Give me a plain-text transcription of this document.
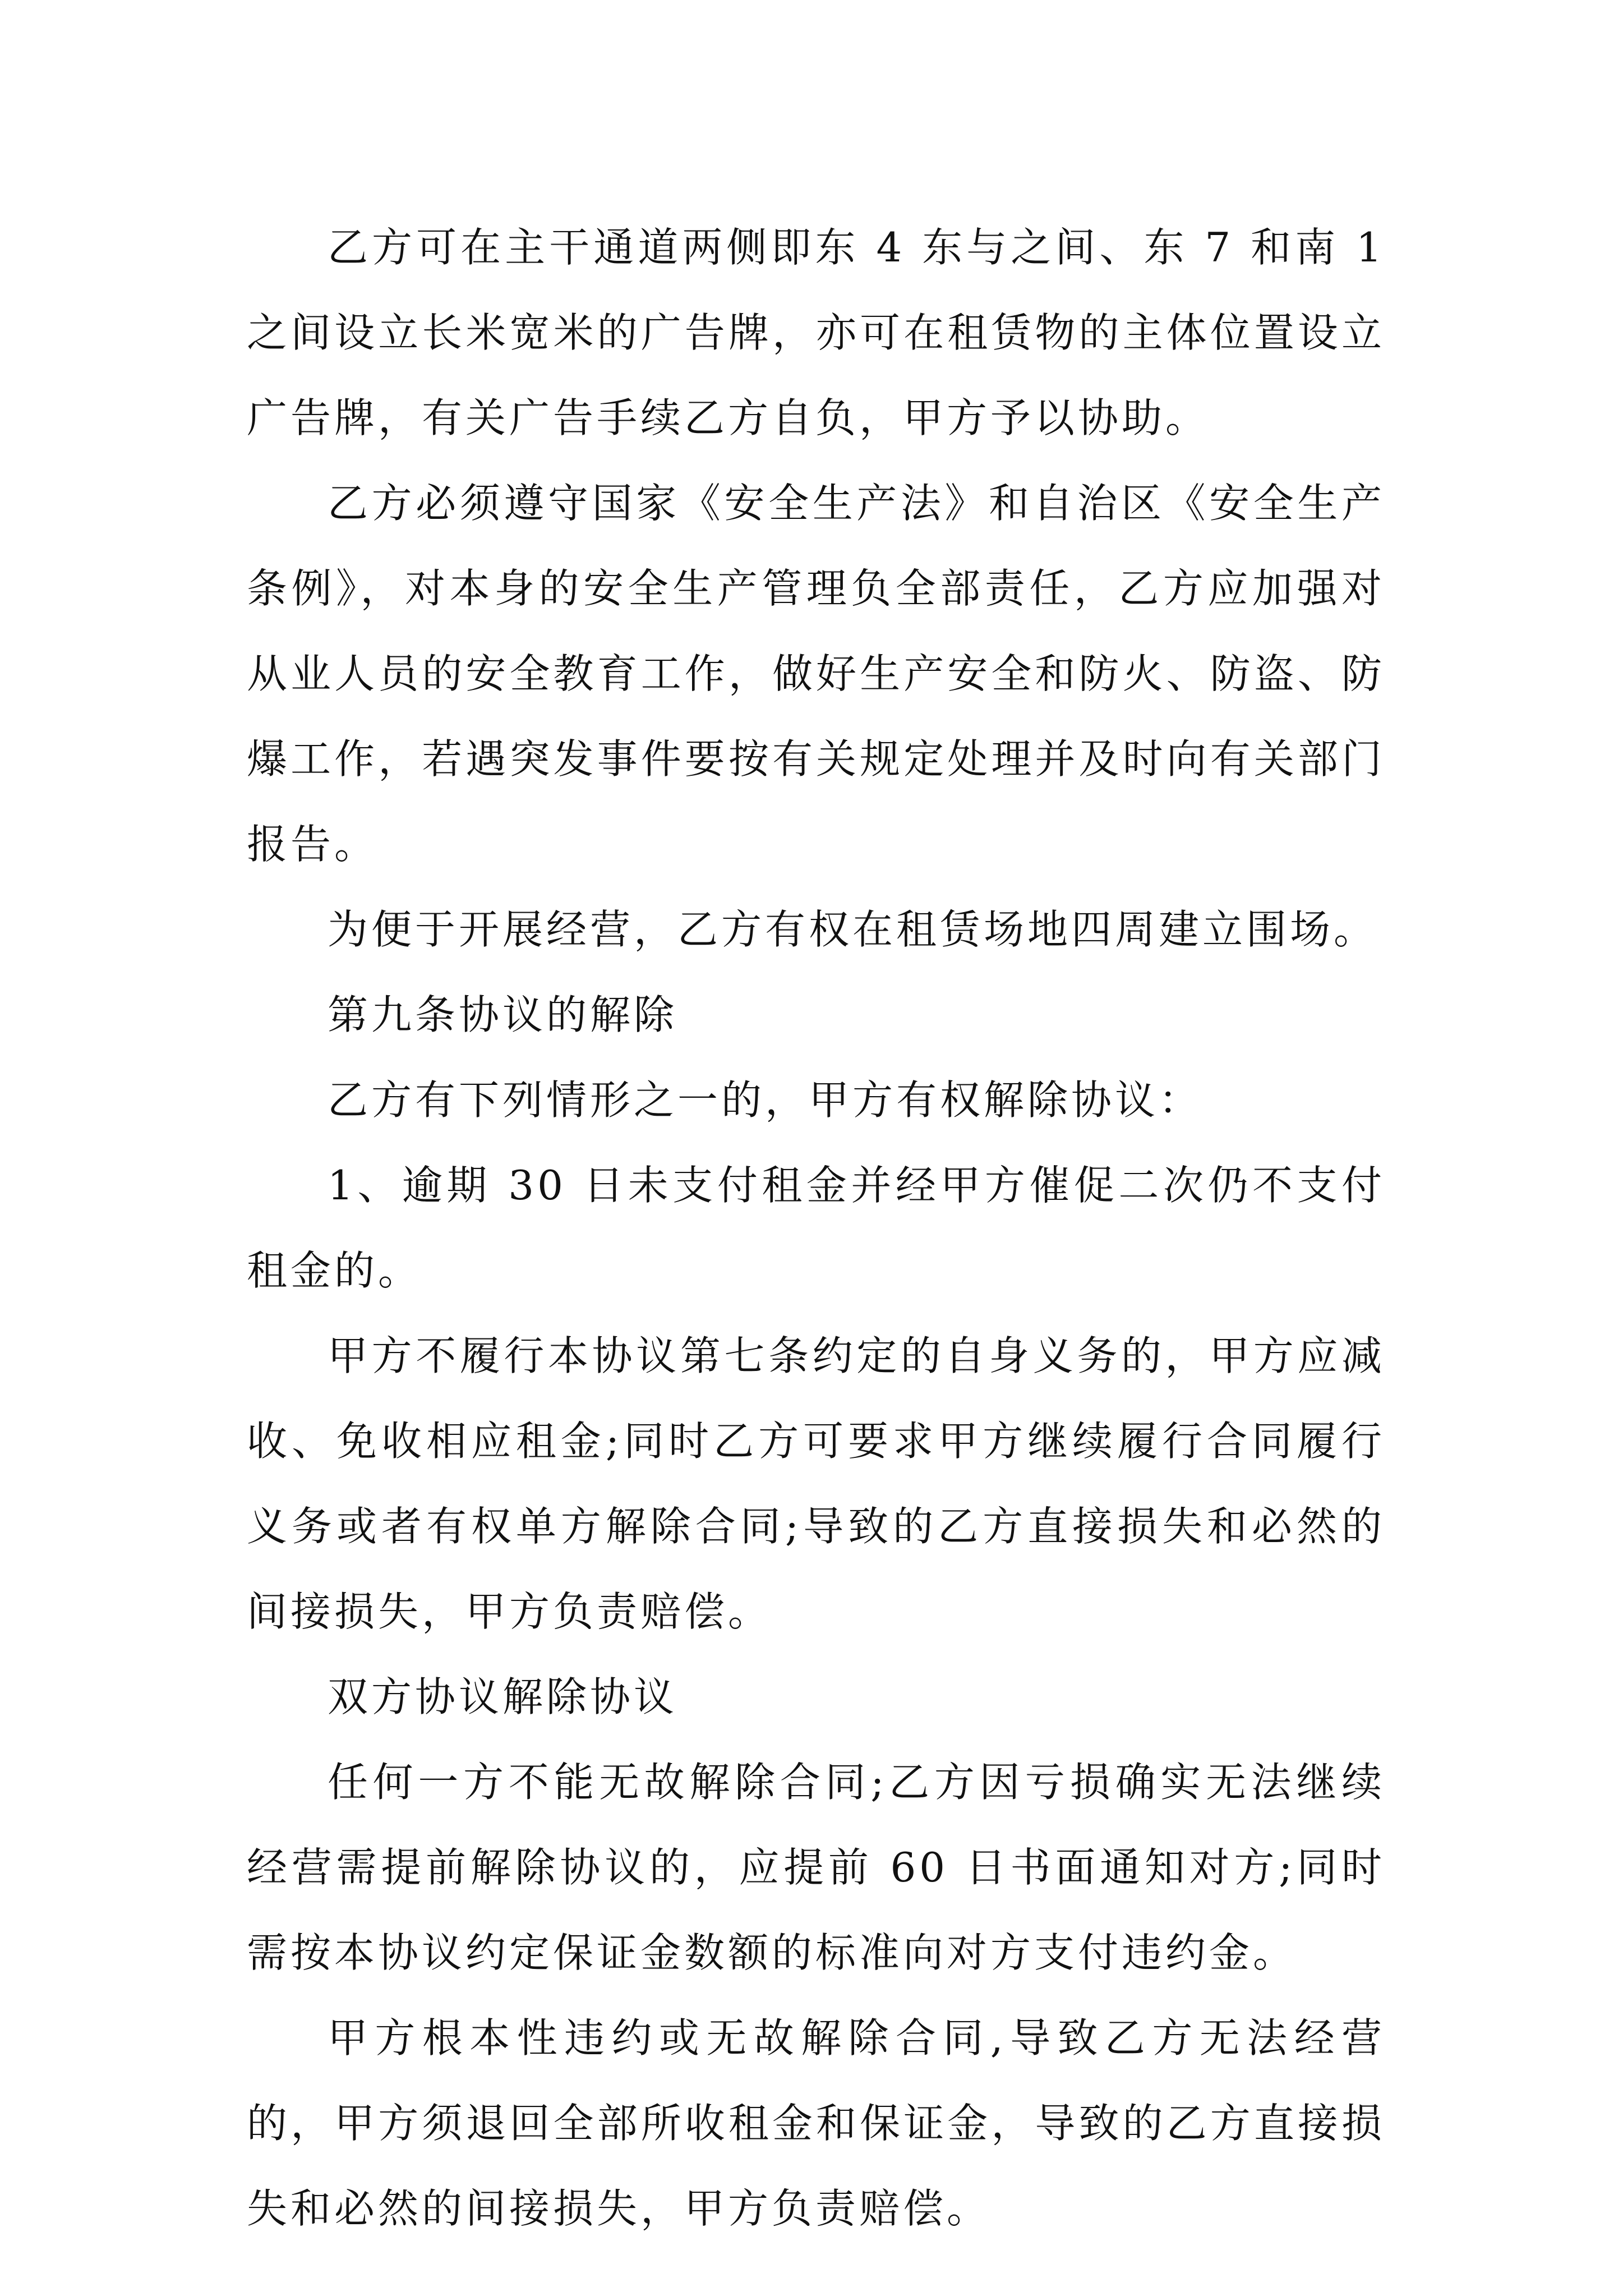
乙方可在主干通道两侧即东 4 东与之间、东 7 和南 1 之间设立长米宽米的广告牌，亦可在租赁物的主体位置设立广告牌，有关广告手续乙方自负，甲方予以协助。

乙方必须遵守国家《安全生产法》和自治区《安全生产条例》，对本身的安全生产管理负全部责任，乙方应加强对从业人员的安全教育工作，做好生产安全和防火、防盗、防爆工作，若遇突发事件要按有关规定处理并及时向有关部门报告。

为便于开展经营，乙方有权在租赁场地四周建立围场。

第九条协议的解除

乙方有下列情形之一的，甲方有权解除协议：

1、逾期 30 日未支付租金并经甲方催促二次仍不支付租金的。

甲方不履行本协议第七条约定的自身义务的，甲方应减收、免收相应租金;同时乙方可要求甲方继续履行合同履行义务或者有权单方解除合同;导致的乙方直接损失和必然的间接损失，甲方负责赔偿。

双方协议解除协议

任何一方不能无故解除合同;乙方因亏损确实无法继续经营需提前解除协议的，应提前 60 日书面通知对方;同时需按本协议约定保证金数额的标准向对方支付违约金。

甲方根本性违约或无故解除合同,导致乙方无法经营的，甲方须退回全部所收租金和保证金，导致的乙方直接损失和必然的间接损失，甲方负责赔偿。
